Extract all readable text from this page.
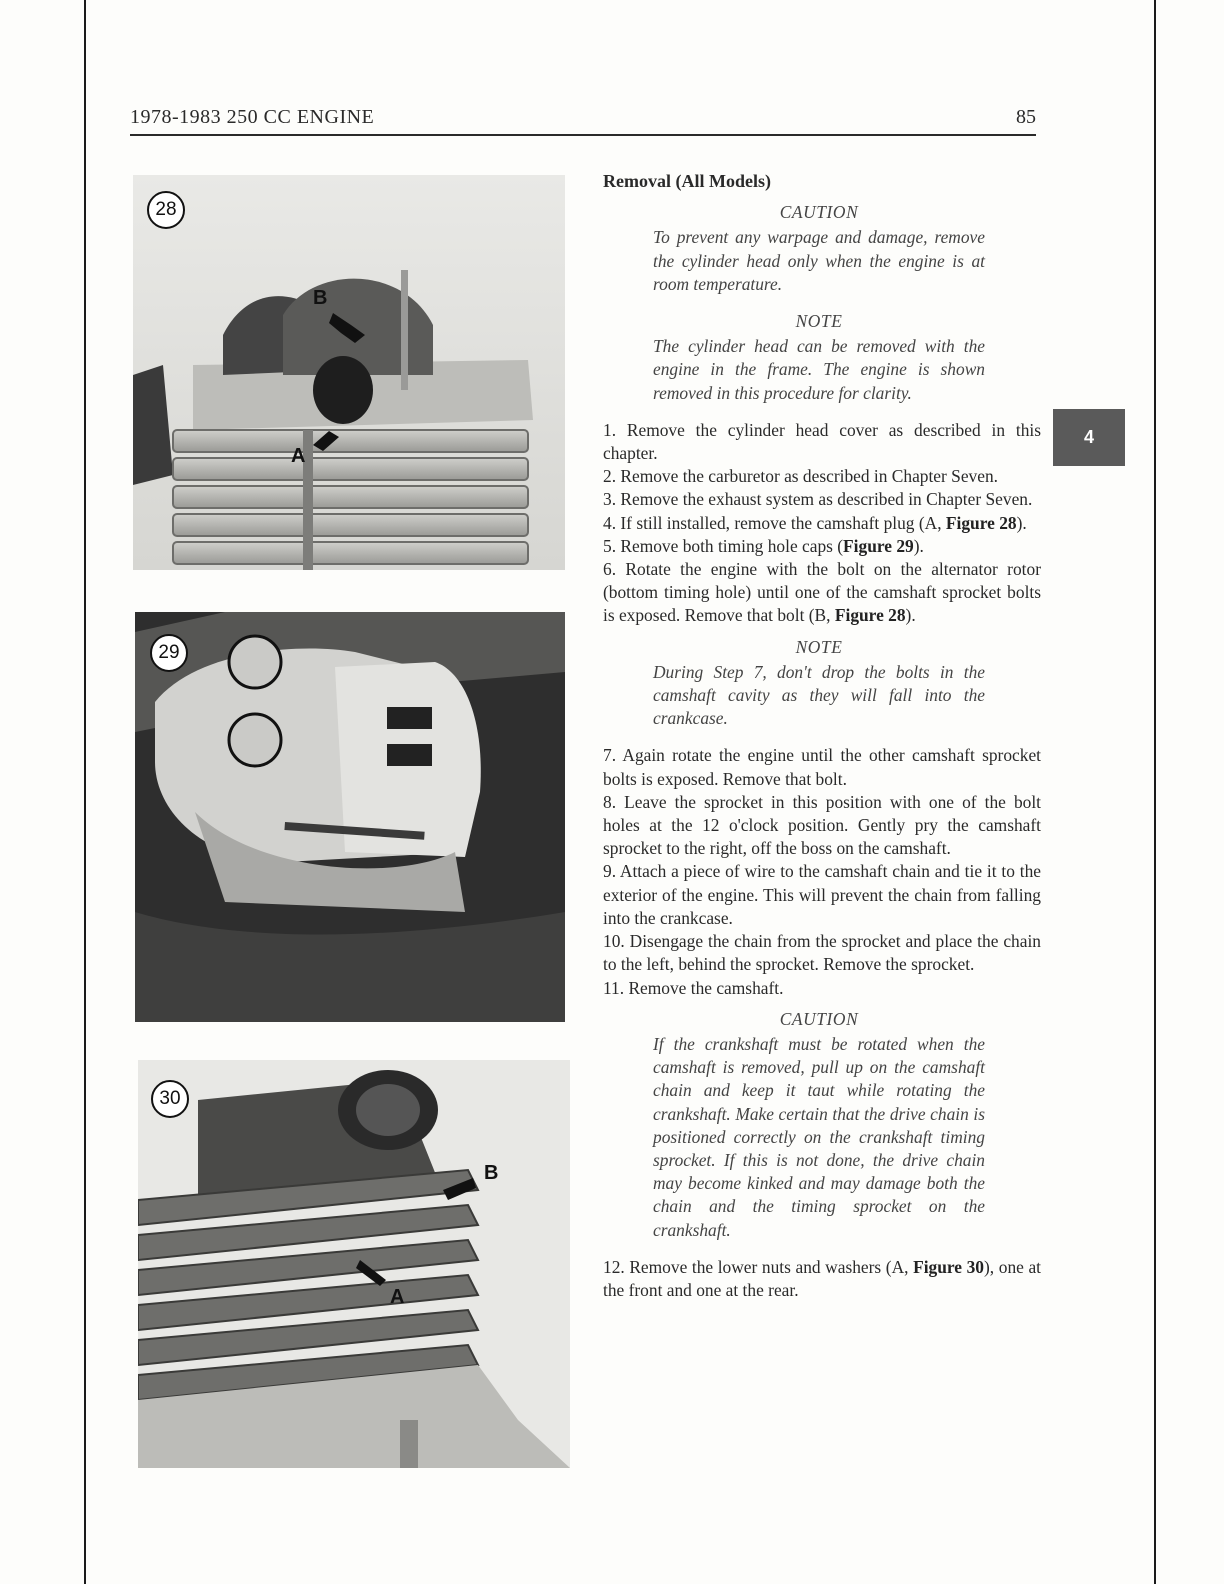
1978-1983 250 CC ENGINE	85
4
28
B
A
29
30
B
A

Removal (All Models)

CAUTION

To prevent any warpage and damage, remove the cylinder head only when the engine is at room temperature.

NOTE

The cylinder head can be removed with the engine in the frame. The engine is shown removed in this procedure for clarity.

1. Remove the cylinder head cover as described in this chapter.

2. Remove the carburetor as described in Chapter Seven.

3. Remove the exhaust system as described in Chapter Seven.

4. If still installed, remove the camshaft plug (A, Figure 28).

5. Remove both timing hole caps (Figure 29).

6. Rotate the engine with the bolt on the alternator rotor (bottom timing hole) until one of the camshaft sprocket bolts is exposed. Remove that bolt (B, Figure 28).

NOTE

During Step 7, don't drop the bolts in the camshaft cavity as they will fall into the crankcase.

7. Again rotate the engine until the other camshaft sprocket bolts is exposed. Remove that bolt.

8. Leave the sprocket in this position with one of the bolt holes at the 12 o'clock position. Gently pry the camshaft sprocket to the right, off the boss on the camshaft.

9. Attach a piece of wire to the camshaft chain and tie it to the exterior of the engine. This will prevent the chain from falling into the crankcase.

10. Disengage the chain from the sprocket and place the chain to the left, behind the sprocket. Remove the sprocket.

11. Remove the camshaft.

CAUTION

If the crankshaft must be rotated when the camshaft is removed, pull up on the camshaft chain and keep it taut while rotating the crankshaft. Make certain that the drive chain is positioned correctly on the crankshaft timing sprocket. If this is not done, the drive chain may become kinked and may damage both the chain and the timing sprocket on the crankshaft.

12. Remove the lower nuts and washers (A, Figure 30), one at the front and one at the rear.
